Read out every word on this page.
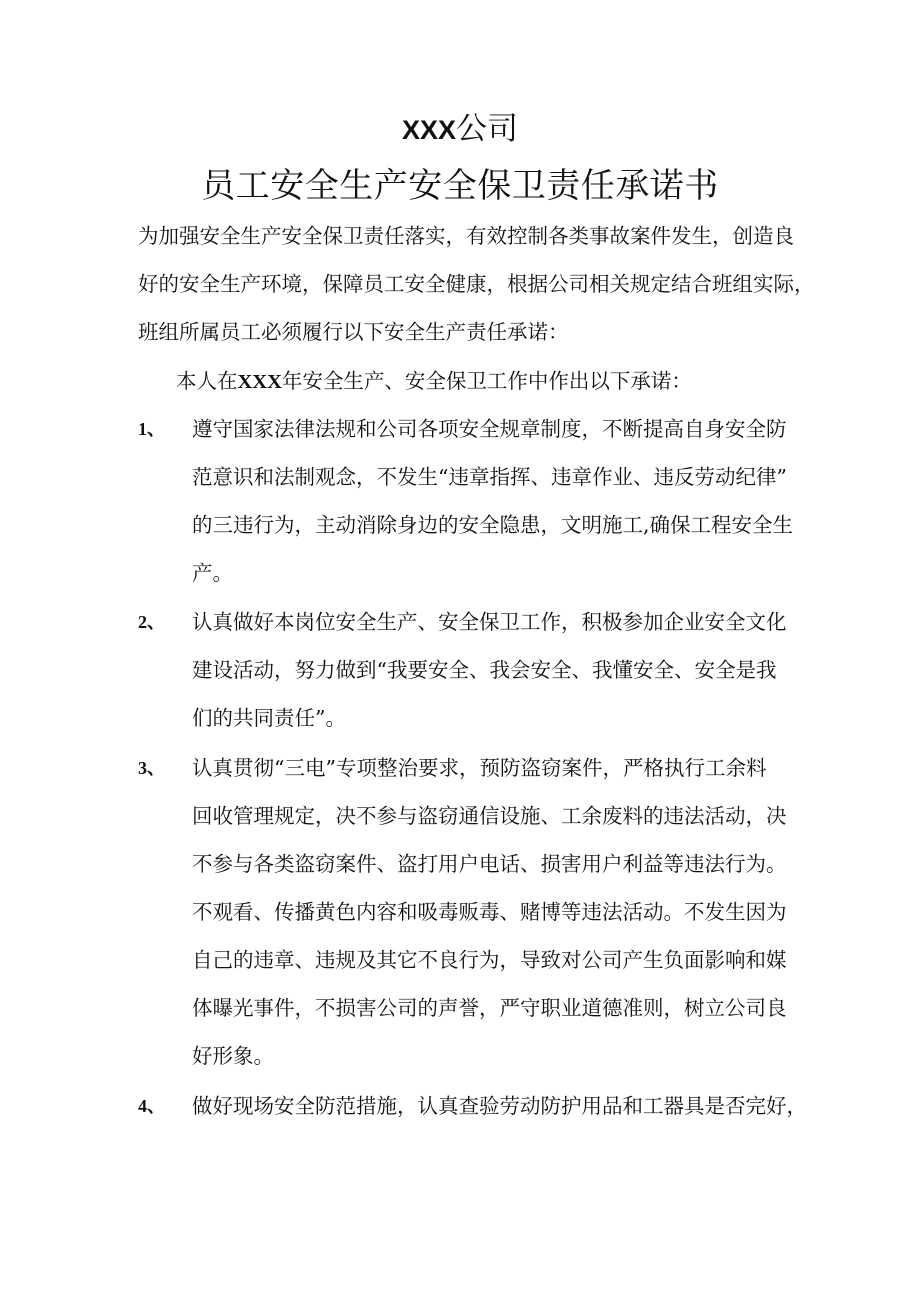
XXX公司
员工安全生产安全保卫责任承诺书
为加强安全生产安全保卫责任落实，有效控制各类事故案件发生，创造良
好的安全生产环境，保障员工安全健康，根据公司相关规定结合班组实际，
班组所属员工必须履行以下安全生产责任承诺：
本人在XXX年安全生产、安全保卫工作中作出以下承诺：
1、 遵守国家法律法规和公司各项安全规章制度，不断提高自身安全防
范意识和法制观念，不发生“违章指挥、违章作业、违反劳动纪律”
的三违行为，主动消除身边的安全隐患，文明施工,确保工程安全生
产。
2、 认真做好本岗位安全生产、安全保卫工作，积极参加企业安全文化
建设活动，努力做到“我要安全、我会安全、我懂安全、安全是我
们的共同责任”。
3、 认真贯彻“三电”专项整治要求，预防盗窃案件，严格执行工余料
回收管理规定，决不参与盗窃通信设施、工余废料的违法活动，决
不参与各类盗窃案件、盗打用户电话、损害用户利益等违法行为。
不观看、传播黄色内容和吸毒贩毒、赌博等违法活动。不发生因为
自己的违章、违规及其它不良行为，导致对公司产生负面影响和媒
体曝光事件，不损害公司的声誉，严守职业道德准则，树立公司良
好形象。
4、 做好现场安全防范措施，认真查验劳动防护用品和工器具是否完好，
